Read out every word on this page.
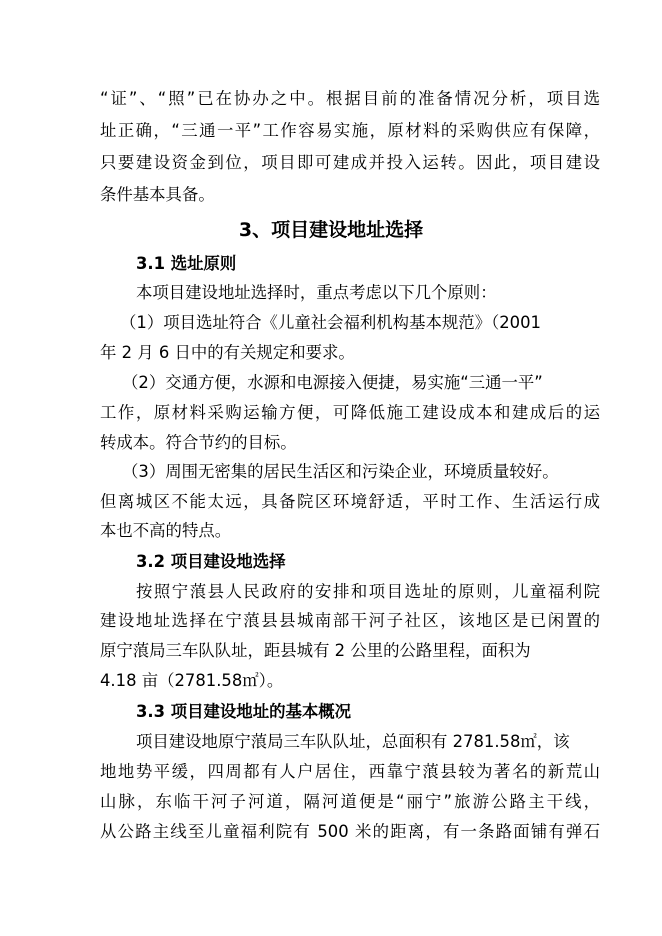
“证”、“照”已在协办之中。根据目前的准备情况分析，项目选
址正确，“三通一平”工作容易实施，原材料的采购供应有保障，
只要建设资金到位，项目即可建成并投入运转。因此，项目建设
条件基本具备。
3、项目建设地址选择
3.1 选址原则
本项目建设地址选择时，重点考虑以下几个原则：
（1）项目选址符合《儿童社会福利机构基本规范》（2001
年 2 月 6 日中的有关规定和要求。
（2）交通方便，水源和电源接入便捷，易实施“三通一平”
工作，原材料采购运输方便，可降低施工建设成本和建成后的运
转成本。符合节约的目标。
（3）周围无密集的居民生活区和污染企业，环境质量较好。
但离城区不能太远，具备院区环境舒适，平时工作、生活运行成
本也不高的特点。
3.2 项目建设地选择
按照宁蒗县人民政府的安排和项目选址的原则，儿童福利院
建设地址选择在宁蒗县县城南部干河子社区，该地区是已闲置的
原宁蒗局三车队队址，距县城有 2 公里的公路里程，面积为
4.18 亩（2781.58㎡）。
3.3 项目建设地址的基本概况
项目建设地原宁蒗局三车队队址，总面积有 2781.58㎡，该
地地势平缓，四周都有人户居住，西靠宁蒗县较为著名的新荒山
山脉，东临干河子河道，隔河道便是“丽宁”旅游公路主干线，
从公路主线至儿童福利院有 500 米的距离，有一条路面铺有弹石
